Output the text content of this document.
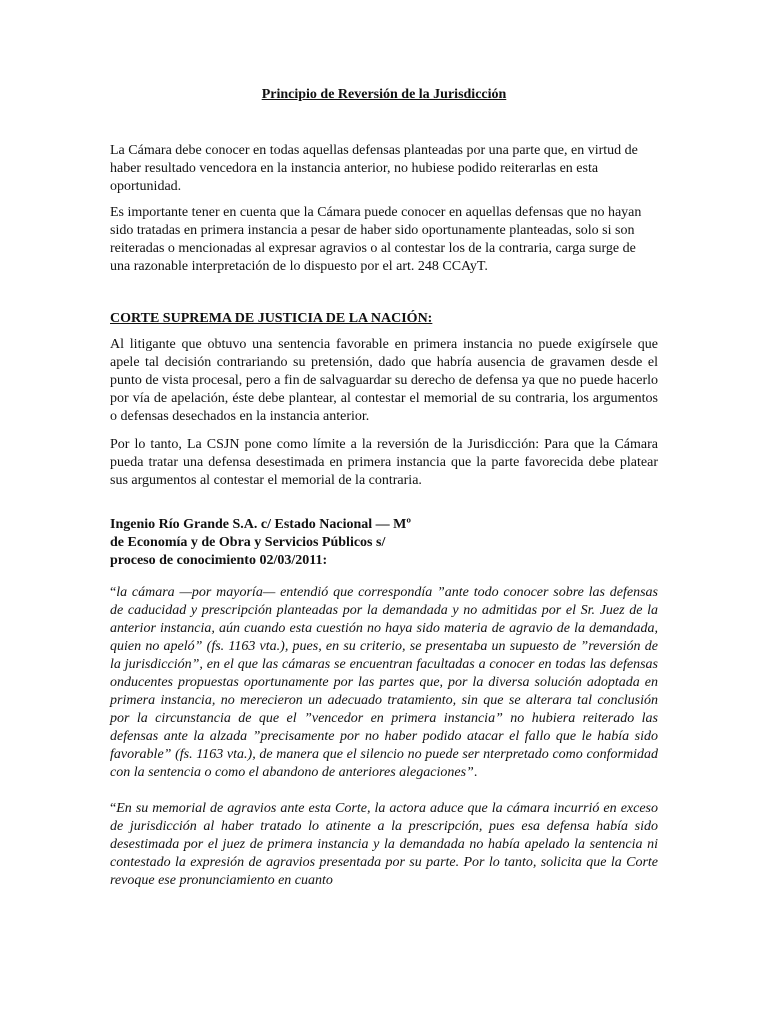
Principio de Reversión de la Jurisdicción

La Cámara debe conocer en todas aquellas defensas planteadas por una parte que, en virtud de haber resultado vencedora en la instancia anterior, no hubiese podido reiterarlas en esta oportunidad.

Es importante tener en cuenta que la Cámara puede conocer en aquellas defensas que no hayan sido tratadas en primera instancia a pesar de haber sido oportunamente planteadas, solo si son reiteradas o mencionadas al expresar agravios o al contestar los de la contraria, carga surge de una razonable interpretación de lo dispuesto por el art. 248 CCAyT.

CORTE SUPREMA DE JUSTICIA DE LA NACIÓN:

Al litigante que obtuvo una sentencia favorable en primera instancia no puede exigírsele que apele tal decisión contrariando su pretensión, dado que habría ausencia de gravamen desde el punto de vista procesal, pero a fin de salvaguardar su derecho de defensa ya que no puede hacerlo por vía de apelación, éste debe plantear, al contestar el memorial de su contraria, los argumentos o defensas desechados en la instancia anterior.

Por lo tanto, La CSJN pone como límite a la reversión de la Jurisdicción: Para que la Cámara pueda tratar una defensa desestimada en primera instancia que la parte favorecida debe platear sus argumentos al contestar el memorial de la contraria.

Ingenio Río Grande S.A. c/ Estado Nacional — Mº
de Economía y de Obra y Servicios Públicos s/
proceso de conocimiento 02/03/2011:

“la cámara —por mayoría— entendió que correspondía ”ante todo conocer sobre las defensas de caducidad y prescripción planteadas por la demandada y no admitidas por el Sr. Juez de la anterior instancia, aún cuando esta cuestión no haya sido materia de agravio de la demandada, quien no apeló” (fs. 1163 vta.), pues, en su criterio, se presentaba un supuesto de ”reversión de la jurisdicción”, en el que las cámaras se encuentran facultadas a conocer en todas las defensas onducentes propuestas oportunamente por las partes que, por la diversa solución adoptada en primera instancia, no merecieron un adecuado tratamiento, sin que se alterara tal conclusión por la circunstancia de que el ”vencedor en primera instancia” no hubiera reiterado las defensas ante la alzada ”precisamente por no haber podido atacar el fallo que le había sido favorable” (fs. 1163 vta.), de manera que el silencio no puede ser nterpretado como conformidad con la sentencia o como el abandono de anteriores alegaciones”.

“En su memorial de agravios ante esta Corte, la actora aduce que la cámara incurrió en exceso de jurisdicción al haber tratado lo atinente a la prescripción, pues esa defensa había sido desestimada por el juez de primera instancia y la demandada no había apelado la sentencia ni contestado la expresión de agravios presentada por su parte. Por lo tanto, solicita que la Corte revoque ese pronunciamiento en cuanto
